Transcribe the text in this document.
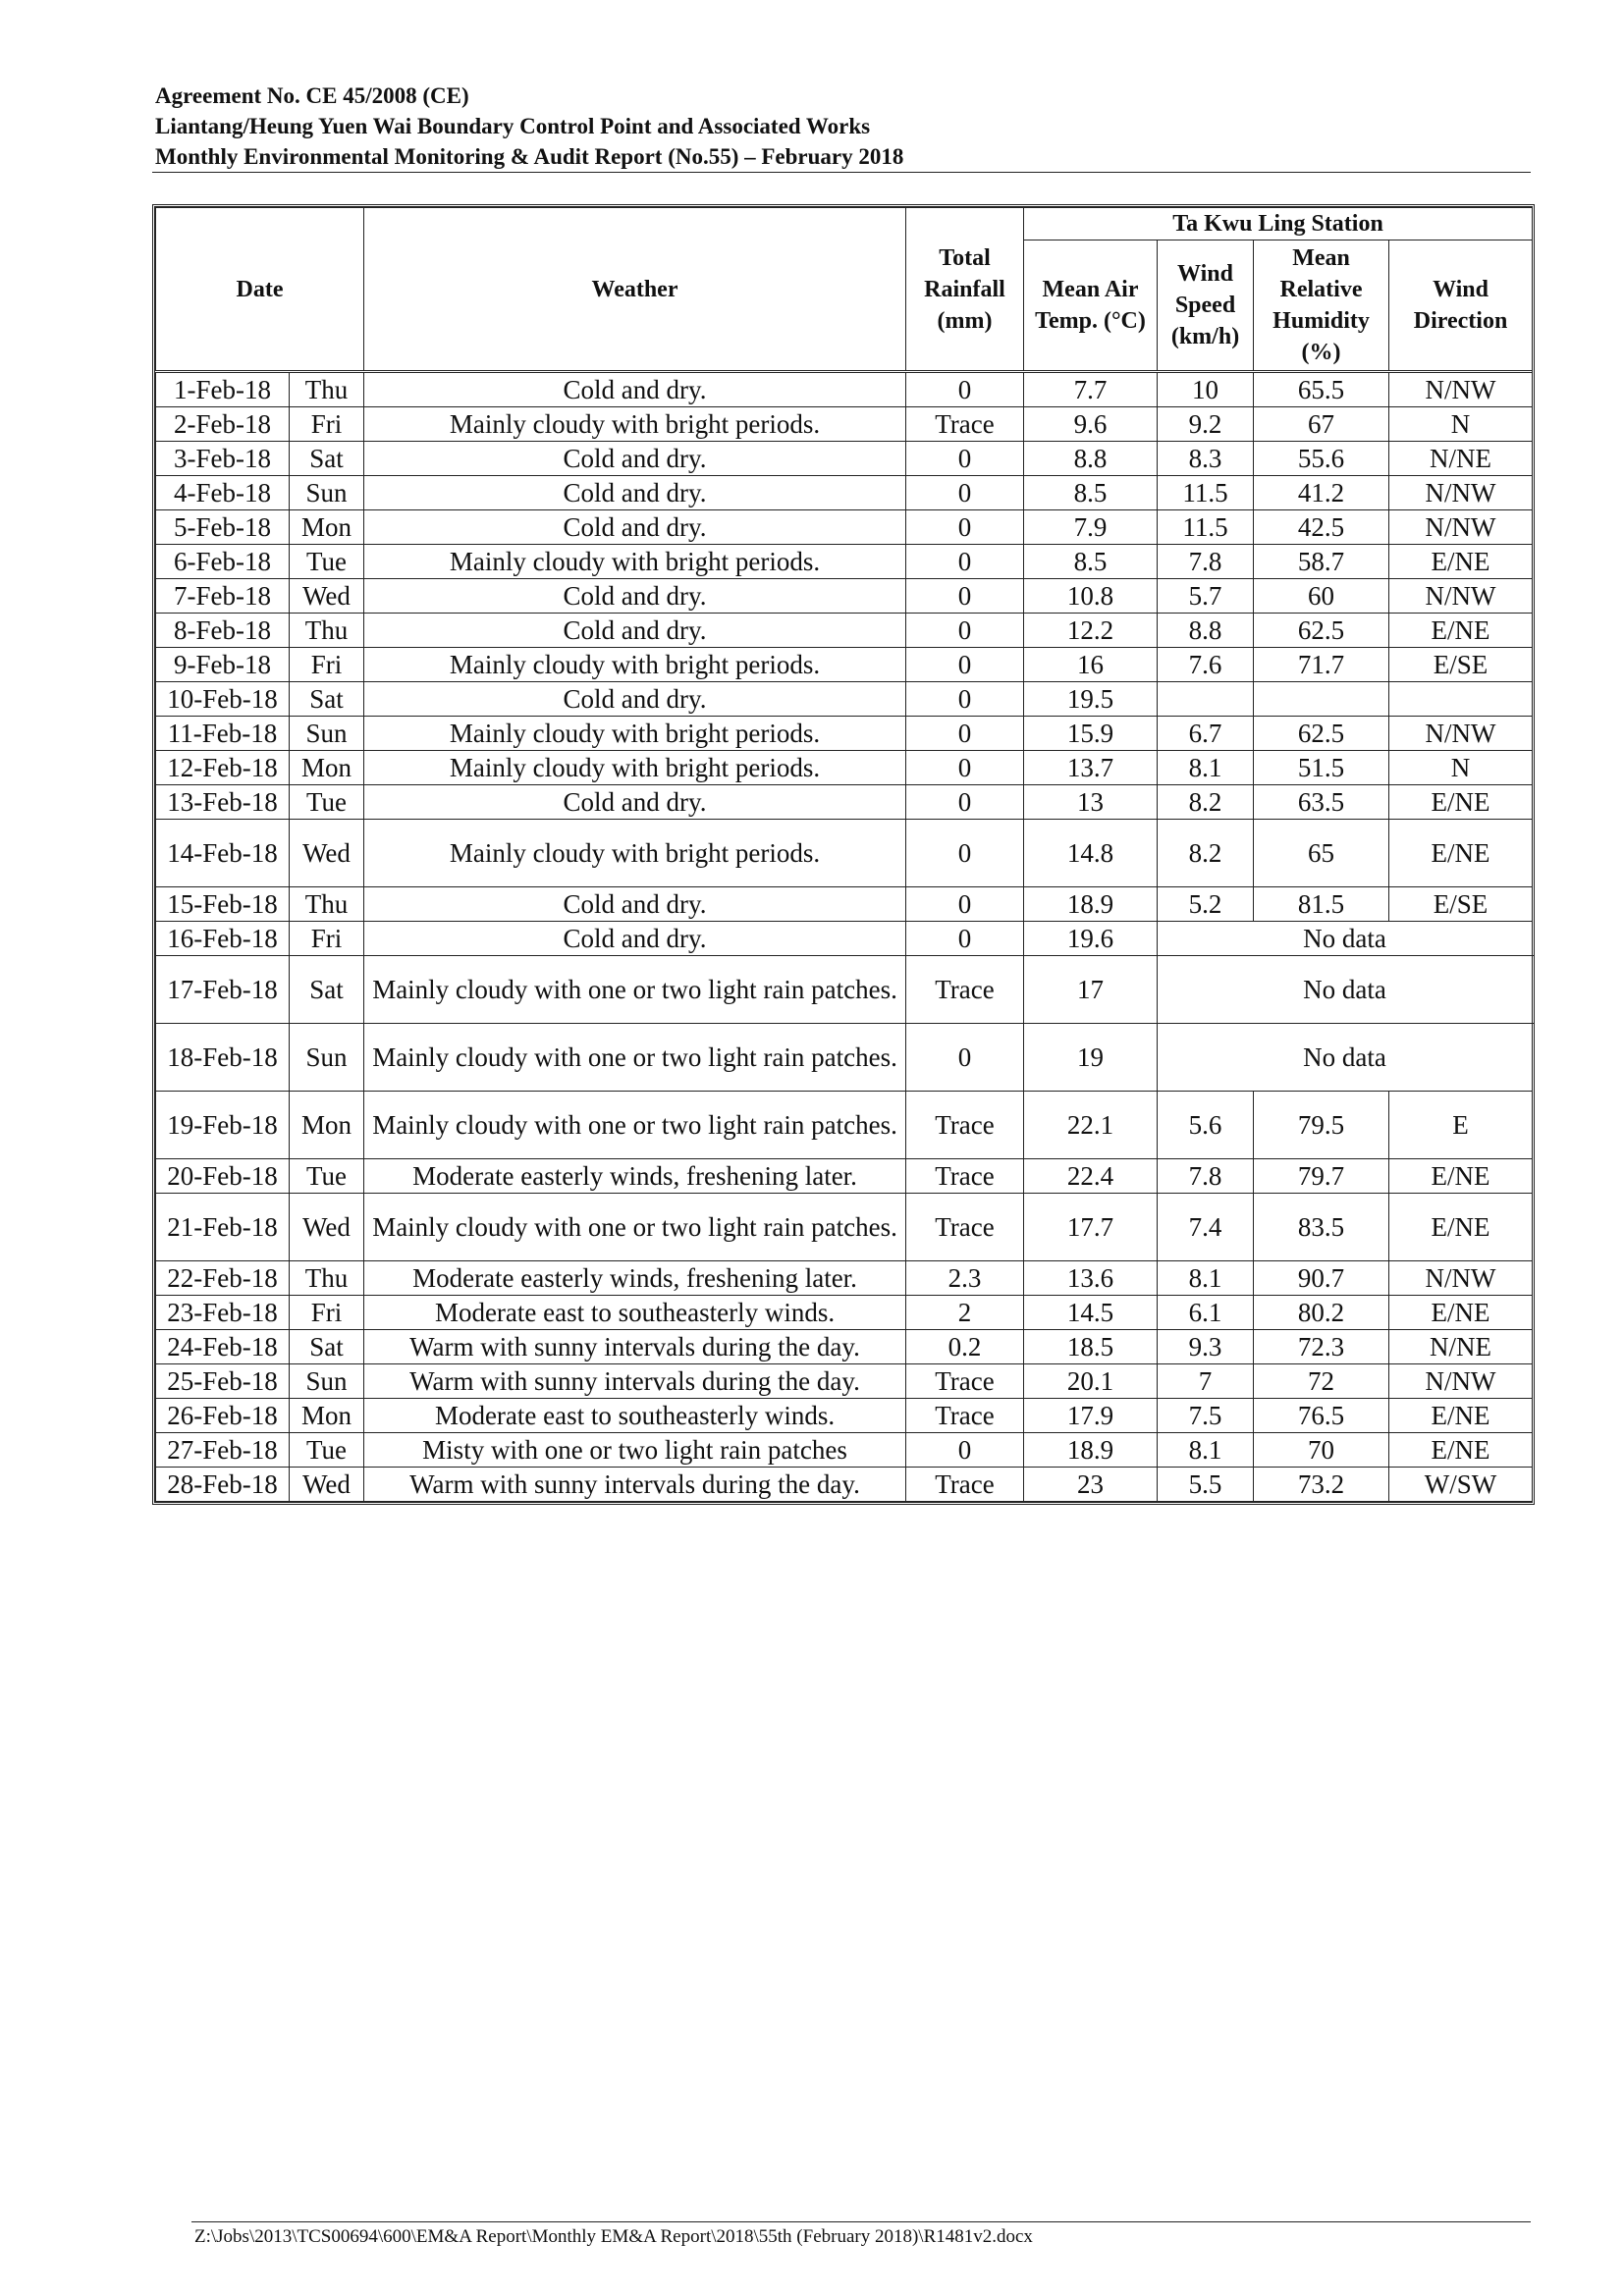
Agreement No. CE 45/2008 (CE)
Liantang/Heung Yuen Wai Boundary Control Point and Associated Works
Monthly Environmental Monitoring & Audit Report (No.55) – February 2018
Date		Weather	Total Rainfall (mm)	Ta Kwu Ling Station			
				Mean Air Temp. (°C)	Wind Speed (km/h)	Mean Relative Humidity (%)	Wind Direction
1-Feb-18	Thu	Cold and dry.	0	7.7	10	65.5	N/NW
2-Feb-18	Fri	Mainly cloudy with bright periods.	Trace	9.6	9.2	67	N
3-Feb-18	Sat	Cold and dry.	0	8.8	8.3	55.6	N/NE
4-Feb-18	Sun	Cold and dry.	0	8.5	11.5	41.2	N/NW
5-Feb-18	Mon	Cold and dry.	0	7.9	11.5	42.5	N/NW
6-Feb-18	Tue	Mainly cloudy with bright periods.	0	8.5	7.8	58.7	E/NE
7-Feb-18	Wed	Cold and dry.	0	10.8	5.7	60	N/NW
8-Feb-18	Thu	Cold and dry.	0	12.2	8.8	62.5	E/NE
9-Feb-18	Fri	Mainly cloudy with bright periods.	0	16	7.6	71.7	E/SE
10-Feb-18	Sat	Cold and dry.	0	19.5			
11-Feb-18	Sun	Mainly cloudy with bright periods.	0	15.9	6.7	62.5	N/NW
12-Feb-18	Mon	Mainly cloudy with bright periods.	0	13.7	8.1	51.5	N
13-Feb-18	Tue	Cold and dry.	0	13	8.2	63.5	E/NE
14-Feb-18	Wed	Mainly cloudy with bright periods.	0	14.8	8.2	65	E/NE
15-Feb-18	Thu	Cold and dry.	0	18.9	5.2	81.5	E/SE
16-Feb-18	Fri	Cold and dry.	0	19.6	No data		
17-Feb-18	Sat	Mainly cloudy with one or two light rain patches.	Trace	17	No data		
18-Feb-18	Sun	Mainly cloudy with one or two light rain patches.	0	19	No data		
19-Feb-18	Mon	Mainly cloudy with one or two light rain patches.	Trace	22.1	5.6	79.5	E
20-Feb-18	Tue	Moderate easterly winds, freshening later.	Trace	22.4	7.8	79.7	E/NE
21-Feb-18	Wed	Mainly cloudy with one or two light rain patches.	Trace	17.7	7.4	83.5	E/NE
22-Feb-18	Thu	Moderate easterly winds, freshening later.	2.3	13.6	8.1	90.7	N/NW
23-Feb-18	Fri	Moderate east to southeasterly winds.	2	14.5	6.1	80.2	E/NE
24-Feb-18	Sat	Warm with sunny intervals during the day.	0.2	18.5	9.3	72.3	N/NE
25-Feb-18	Sun	Warm with sunny intervals during the day.	Trace	20.1	7	72	N/NW
26-Feb-18	Mon	Moderate east to southeasterly winds.	Trace	17.9	7.5	76.5	E/NE
27-Feb-18	Tue	Misty with one or two light rain patches	0	18.9	8.1	70	E/NE
28-Feb-18	Wed	Warm with sunny intervals during the day.	Trace	23	5.5	73.2	W/SW
Z:\Jobs\2013\TCS00694\600\EM&A Report\Monthly EM&A Report\2018\55th (February 2018)\R1481v2.docx
